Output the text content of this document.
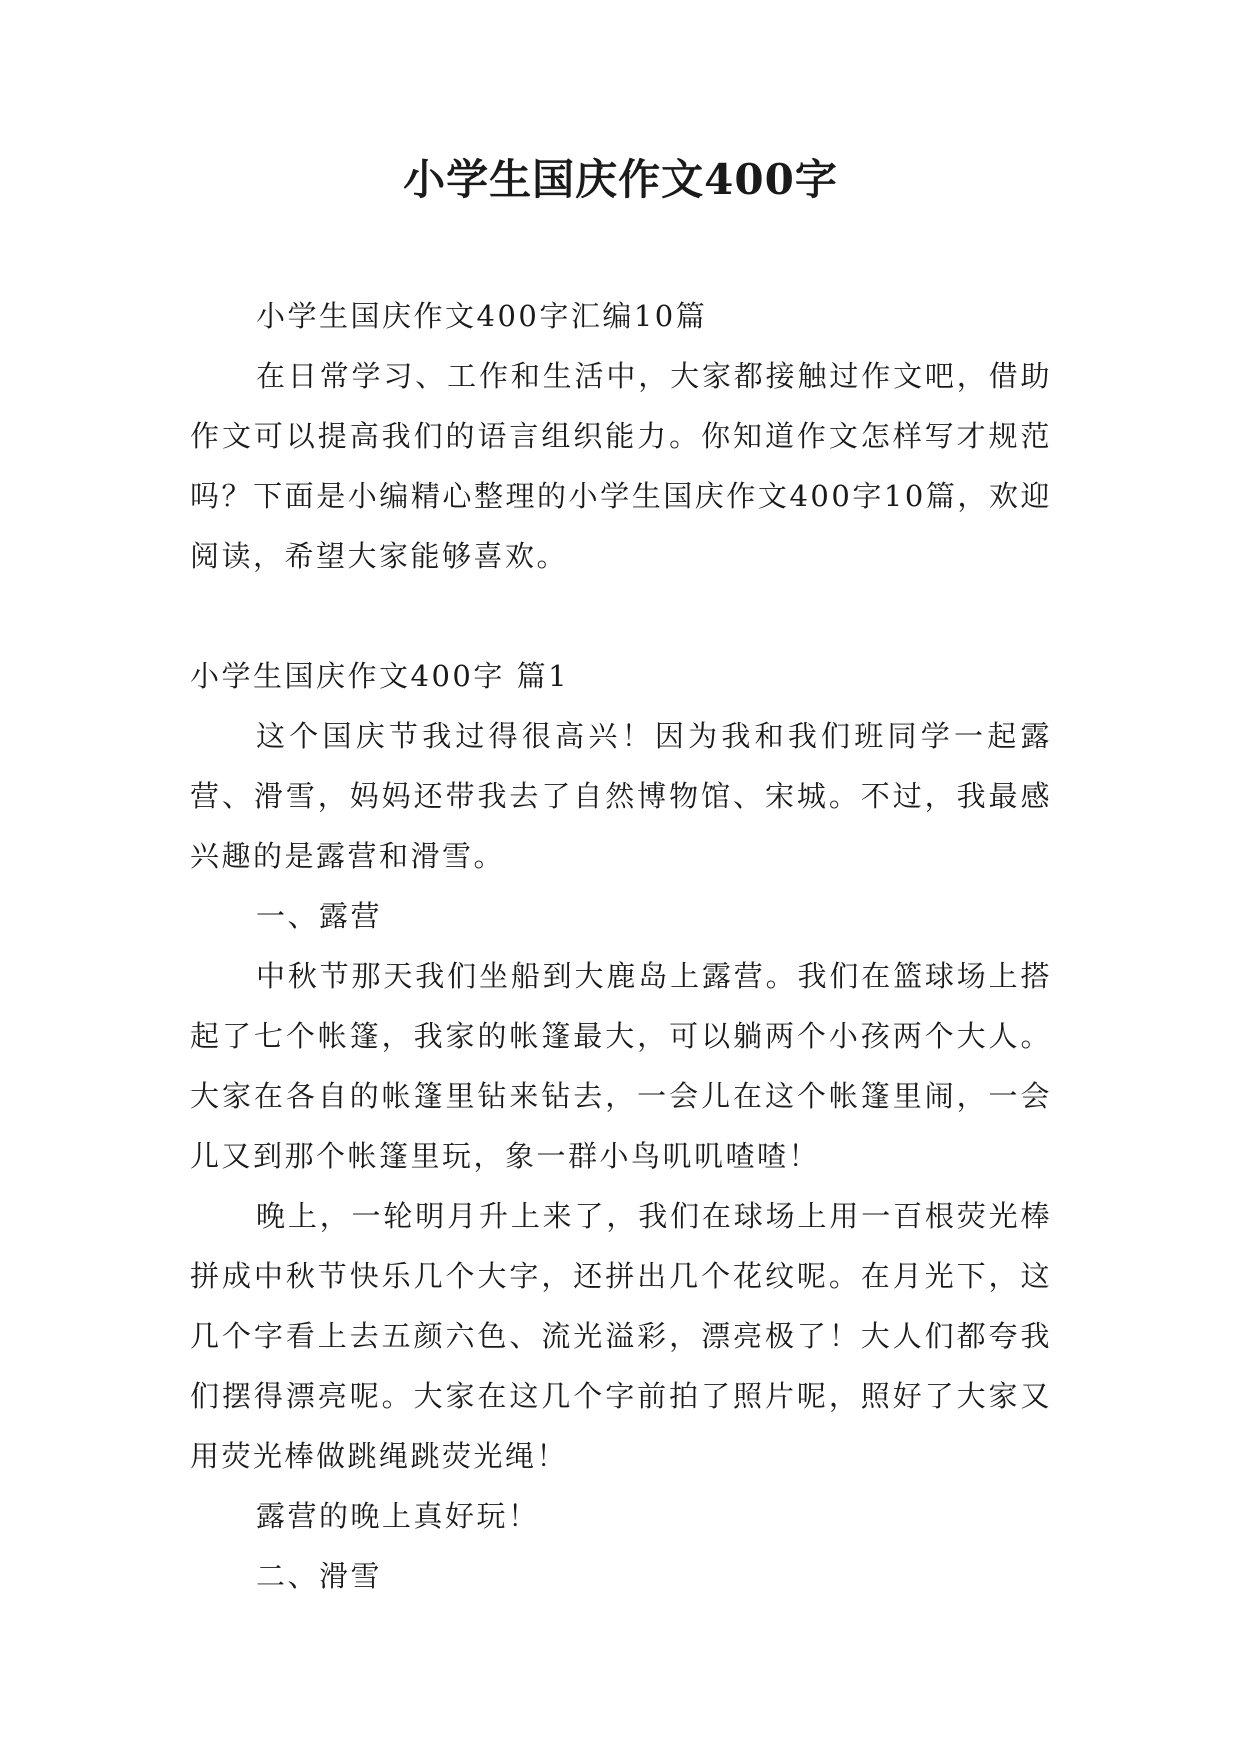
小学生国庆作文400字

小学生国庆作文400字汇编10篇

在日常学习、工作和生活中，大家都接触过作文吧，借助作文可以提高我们的语言组织能力。你知道作文怎样写才规范吗？下面是小编精心整理的小学生国庆作文400字10篇，欢迎阅读，希望大家能够喜欢。

小学生国庆作文400字 篇1

这个国庆节我过得很高兴！因为我和我们班同学一起露营、滑雪，妈妈还带我去了自然博物馆、宋城。不过，我最感兴趣的是露营和滑雪。

一、露营

中秋节那天我们坐船到大鹿岛上露营。我们在篮球场上搭起了七个帐篷，我家的帐篷最大，可以躺两个小孩两个大人。大家在各自的帐篷里钻来钻去，一会儿在这个帐篷里闹，一会儿又到那个帐篷里玩，象一群小鸟叽叽喳喳！

晚上，一轮明月升上来了，我们在球场上用一百根荧光棒拼成中秋节快乐几个大字，还拼出几个花纹呢。在月光下，这几个字看上去五颜六色、流光溢彩，漂亮极了！大人们都夸我们摆得漂亮呢。大家在这几个字前拍了照片呢，照好了大家又用荧光棒做跳绳跳荧光绳！

露营的晚上真好玩！

二、滑雪
